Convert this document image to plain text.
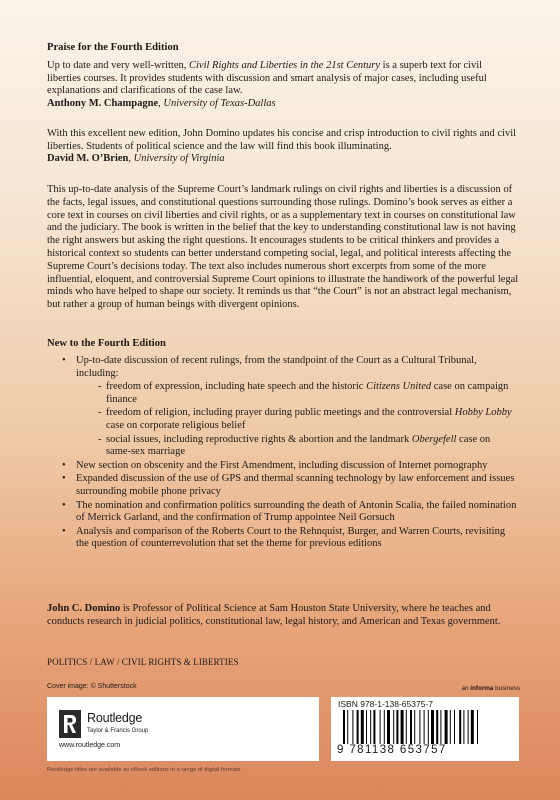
Praise for the Fourth Edition
Up to date and very well-written, Civil Rights and Liberties in the 21st Century is a superb text for civil liberties courses. It provides students with discussion and smart analysis of major cases, including useful explanations and clarifications of the case law.
Anthony M. Champagne, University of Texas-Dallas
With this excellent new edition, John Domino updates his concise and crisp introduction to civil rights and civil liberties. Students of political science and the law will find this book illuminating.
David M. O’Brien, University of Virginia
This up-to-date analysis of the Supreme Court’s landmark rulings on civil rights and liberties is a discussion of the facts, legal issues, and constitutional questions surrounding those rulings. Domino’s book serves as either a core text in courses on civil liberties and civil rights, or as a supplementary text in courses on constitutional law and the judiciary. The book is written in the belief that the key to understanding constitutional law is not having the right answers but asking the right questions. It encourages students to be critical thinkers and provides a historical context so students can better understand competing social, legal, and political interests affecting the Supreme Court’s decisions today. The text also includes numerous short excerpts from some of the more influential, eloquent, and controversial Supreme Court opinions to illustrate the handiwork of the powerful legal minds who have helped to shape our society. It reminds us that “the Court” is not an abstract legal mechanism, but rather a group of human beings with divergent opinions.
New to the Fourth Edition
• Up-to-date discussion of recent rulings, from the standpoint of the Court as a Cultural Tribunal, including:
- freedom of expression, including hate speech and the historic Citizens United case on campaign finance
- freedom of religion, including prayer during public meetings and the controversial Hobby Lobby case on corporate religious belief
- social issues, including reproductive rights & abortion and the landmark Obergefell case on same-sex marriage
• New section on obscenity and the First Amendment, including discussion of Internet pornography
• Expanded discussion of the use of GPS and thermal scanning technology by law enforcement and issues surrounding mobile phone privacy
• The nomination and confirmation politics surrounding the death of Antonin Scalia, the failed nomination of Merrick Garland, and the confirmation of Trump appointee Neil Gorsuch
• Analysis and comparison of the Roberts Court to the Rehnquist, Burger, and Warren Courts, revisiting the question of counterrevolution that set the theme for previous editions
John C. Domino is Professor of Political Science at Sam Houston State University, where he teaches and conducts research in judicial politics, constitutional law, legal history, and American and Texas government.
POLITICS / LAW / CIVIL RIGHTS & LIBERTIES
Cover image: © Shutterstock	an informa business
Routledge
Taylor & Francis Group
www.routledge.com
ISBN 978-1-138-65375-7
9 781138 653757
Routledge titles are available as eBook editions in a range of digital formats
